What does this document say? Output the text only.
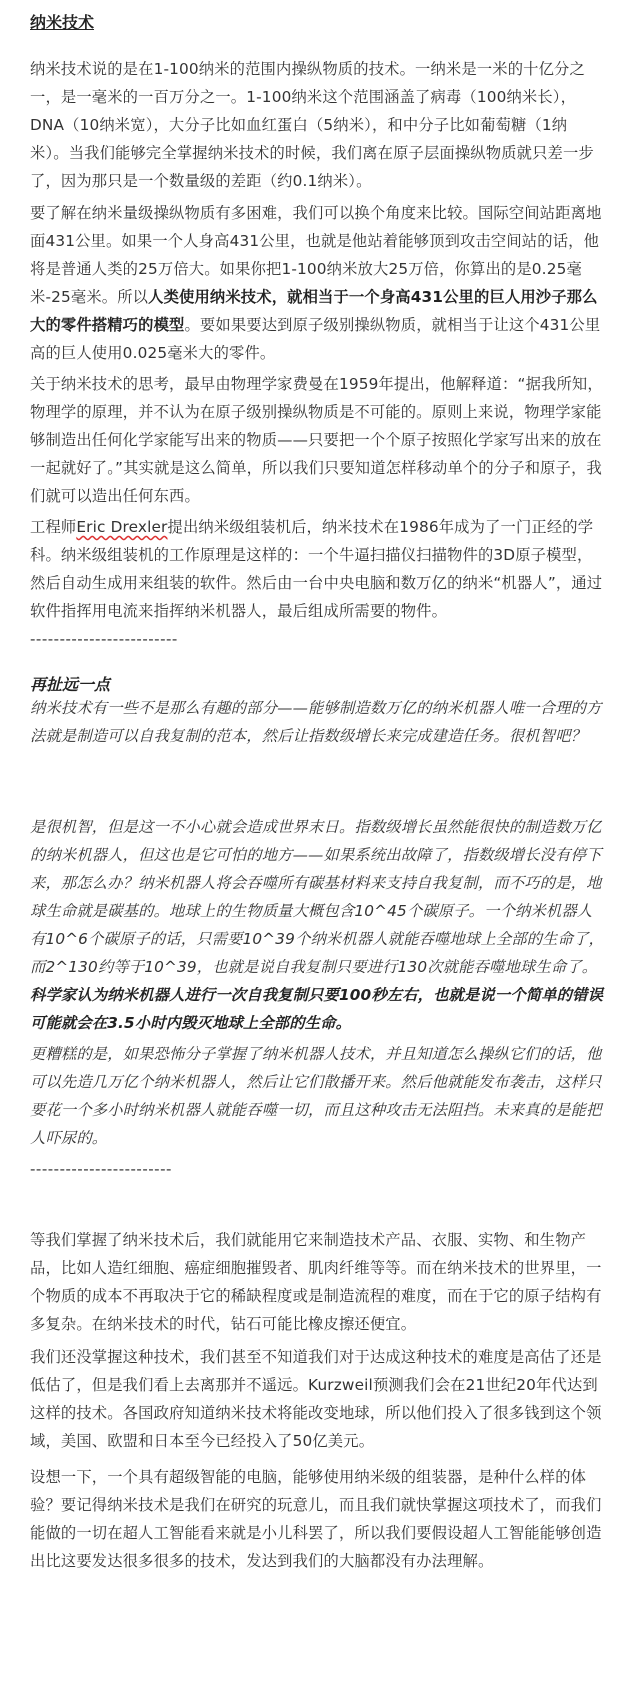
纳米技术

纳米技术说的是在1-100纳米的范围内操纵物质的技术。一纳米是一米的十亿分之一，是一毫米的一百万分之一。1-100纳米这个范围涵盖了病毒（100纳米长），DNA（10纳米宽），大分子比如血红蛋白（5纳米），和中分子比如葡萄糖（1纳米）。当我们能够完全掌握纳米技术的时候，我们离在原子层面操纵物质就只差一步了，因为那只是一个数量级的差距（约0.1纳米）。

要了解在纳米量级操纵物质有多困难，我们可以换个角度来比较。国际空间站距离地面431公里。如果一个人身高431公里，也就是他站着能够顶到攻击空间站的话，他将是普通人类的25万倍大。如果你把1-100纳米放大25万倍，你算出的是0.25毫米-25毫米。所以人类使用纳米技术，就相当于一个身高431公里的巨人用沙子那么大的零件搭精巧的模型。要如果要达到原子级别操纵物质，就相当于让这个431公里高的巨人使用0.025毫米大的零件。

关于纳米技术的思考，最早由物理学家费曼在1959年提出，他解释道：“据我所知，物理学的原理，并不认为在原子级别操纵物质是不可能的。原则上来说，物理学家能够制造出任何化学家能写出来的物质——只要把一个个原子按照化学家写出来的放在一起就好了。”其实就是这么简单，所以我们只要知道怎样移动单个的分子和原子，我们就可以造出任何东西。

工程师Eric Drexler提出纳米级组装机后，纳米技术在1986年成为了一门正经的学科。纳米级组装机的工作原理是这样的：一个牛逼扫描仪扫描物件的3D原子模型，然后自动生成用来组装的软件。然后由一台中央电脑和数万亿的纳米“机器人”，通过软件指挥用电流来指挥纳米机器人，最后组成所需要的物件。

-------------------------
再扯远一点

纳米技术有一些不是那么有趣的部分——能够制造数万亿的纳米机器人唯一合理的方法就是制造可以自我复制的范本，然后让指数级增长来完成建造任务。很机智吧？

是很机智，但是这一不小心就会造成世界末日。指数级增长虽然能很快的制造数万亿的纳米机器人，但这也是它可怕的地方——如果系统出故障了，指数级增长没有停下来，那怎么办？纳米机器人将会吞噬所有碳基材料来支持自我复制，而不巧的是，地球生命就是碳基的。地球上的生物质量大概包含10^45个碳原子。一个纳米机器人有10^6个碳原子的话，只需要10^39个纳米机器人就能吞噬地球上全部的生命了，而2^130约等于10^39，也就是说自我复制只要进行130次就能吞噬地球生命了。科学家认为纳米机器人进行一次自我复制只要100秒左右，也就是说一个简单的错误可能就会在3.5小时内毁灭地球上全部的生命。

更糟糕的是，如果恐怖分子掌握了纳米机器人技术，并且知道怎么操纵它们的话，他可以先造几万亿个纳米机器人，然后让它们散播开来。然后他就能发布袭击，这样只要花一个多小时纳米机器人就能吞噬一切，而且这种攻击无法阻挡。未来真的是能把人吓尿的。

------------------------

等我们掌握了纳米技术后，我们就能用它来制造技术产品、衣服、实物、和生物产品，比如人造红细胞、癌症细胞摧毁者、肌肉纤维等等。而在纳米技术的世界里，一个物质的成本不再取决于它的稀缺程度或是制造流程的难度，而在于它的原子结构有多复杂。在纳米技术的时代，钻石可能比橡皮擦还便宜。

我们还没掌握这种技术，我们甚至不知道我们对于达成这种技术的难度是高估了还是低估了，但是我们看上去离那并不遥远。Kurzweil预测我们会在21世纪20年代达到这样的技术。各国政府知道纳米技术将能改变地球，所以他们投入了很多钱到这个领域，美国、欧盟和日本至今已经投入了50亿美元。

设想一下，一个具有超级智能的电脑，能够使用纳米级的组装器，是种什么样的体验？要记得纳米技术是我们在研究的玩意儿，而且我们就快掌握这项技术了，而我们能做的一切在超人工智能看来就是小儿科罢了，所以我们要假设超人工智能能够创造出比这要发达很多很多的技术，发达到我们的大脑都没有办法理解。
